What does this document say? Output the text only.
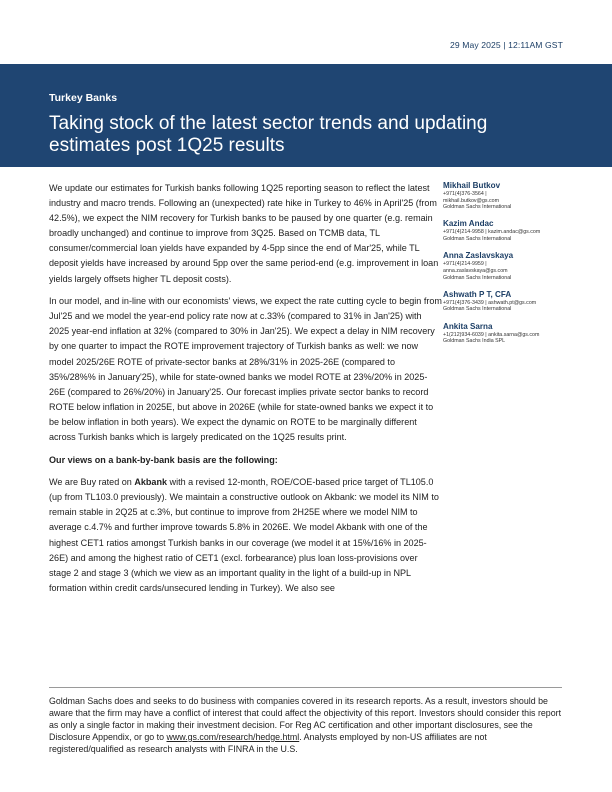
29 May 2025 | 12:11AM GST
Turkey Banks
Taking stock of the latest sector trends and updating estimates post 1Q25 results

We update our estimates for Turkish banks following 1Q25 reporting season to reflect the latest industry and macro trends. Following an (unexpected) rate hike in Turkey to 46% in April'25 (from 42.5%), we expect the NIM recovery for Turkish banks to be paused by one quarter (e.g. remain broadly unchanged) and continue to improve from 3Q25. Based on TCMB data, TL consumer/commercial loan yields have expanded by 4-5pp since the end of Mar'25, while TL deposit yields have increased by around 5pp over the same period-end (e.g. improvement in loan yields largely offsets higher TL deposit costs).

In our model, and in-line with our economists' views, we expect the rate cutting cycle to begin from Jul'25 and we model the year-end policy rate now at c.33% (compared to 31% in Jan'25) with 2025 year-end inflation at 32% (compared to 30% in Jan'25). We expect a delay in NIM recovery by one quarter to impact the ROTE improvement trajectory of Turkish banks as well: we now model 2025/26E ROTE of private-sector banks at 28%/31% in 2025-26E (compared to 35%/28%% in January'25), while for state-owned banks we model ROTE at 23%/20% in 2025-26E (compared to 26%/20%) in January'25. Our forecast implies private sector banks to record ROTE below inflation in 2025E, but above in 2026E (while for state-owned banks we expect it to be below inflation in both years). We expect the dynamic on ROTE to be marginally different across Turkish banks which is largely predicated on the 1Q25 results print.

Our views on a bank-by-bank basis are the following:

We are Buy rated on Akbank with a revised 12-month, ROE/COE-based price target of TL105.0 (up from TL103.0 previously). We maintain a constructive outlook on Akbank: we model its NIM to remain stable in 2Q25 at c.3%, but continue to improve from 2H25E where we model NIM to average c.4.7% and further improve towards 5.8% in 2026E. We model Akbank with one of the highest CET1 ratios amongst Turkish banks in our coverage (we model it at 15%/16% in 2025-26E) and among the highest ratio of CET1 (excl. forbearance) plus loan loss-provisions over stage 2 and stage 3 (which we view as an important quality in the light of a build-up in NPL formation within credit cards/unsecured lending in Turkey). We also see

Mikhail Butkov
+971(4)376-3564 |
mikhail.butkov@gs.com
Goldman Sachs International
Kazim Andac
+971(4)214-9958 | kazim.andac@gs.com
Goldman Sachs International
Anna Zaslavskaya
+971(4)214-9959 |
anna.zaslavskaya@gs.com
Goldman Sachs International
Ashwath P T, CFA
+971(4)376-3439 | ashwath.pt@gs.com
Goldman Sachs International
Ankita Sarna
+1(212)934-6039 | ankita.sarna@gs.com
Goldman Sachs India SPL

Goldman Sachs does and seeks to do business with companies covered in its research reports. As a result, investors should be aware that the firm may have a conflict of interest that could affect the objectivity of this report. Investors should consider this report as only a single factor in making their investment decision. For Reg AC certification and other important disclosures, see the Disclosure Appendix, or go to www.gs.com/research/hedge.html. Analysts employed by non-US affiliates are not registered/qualified as research analysts with FINRA in the U.S.
